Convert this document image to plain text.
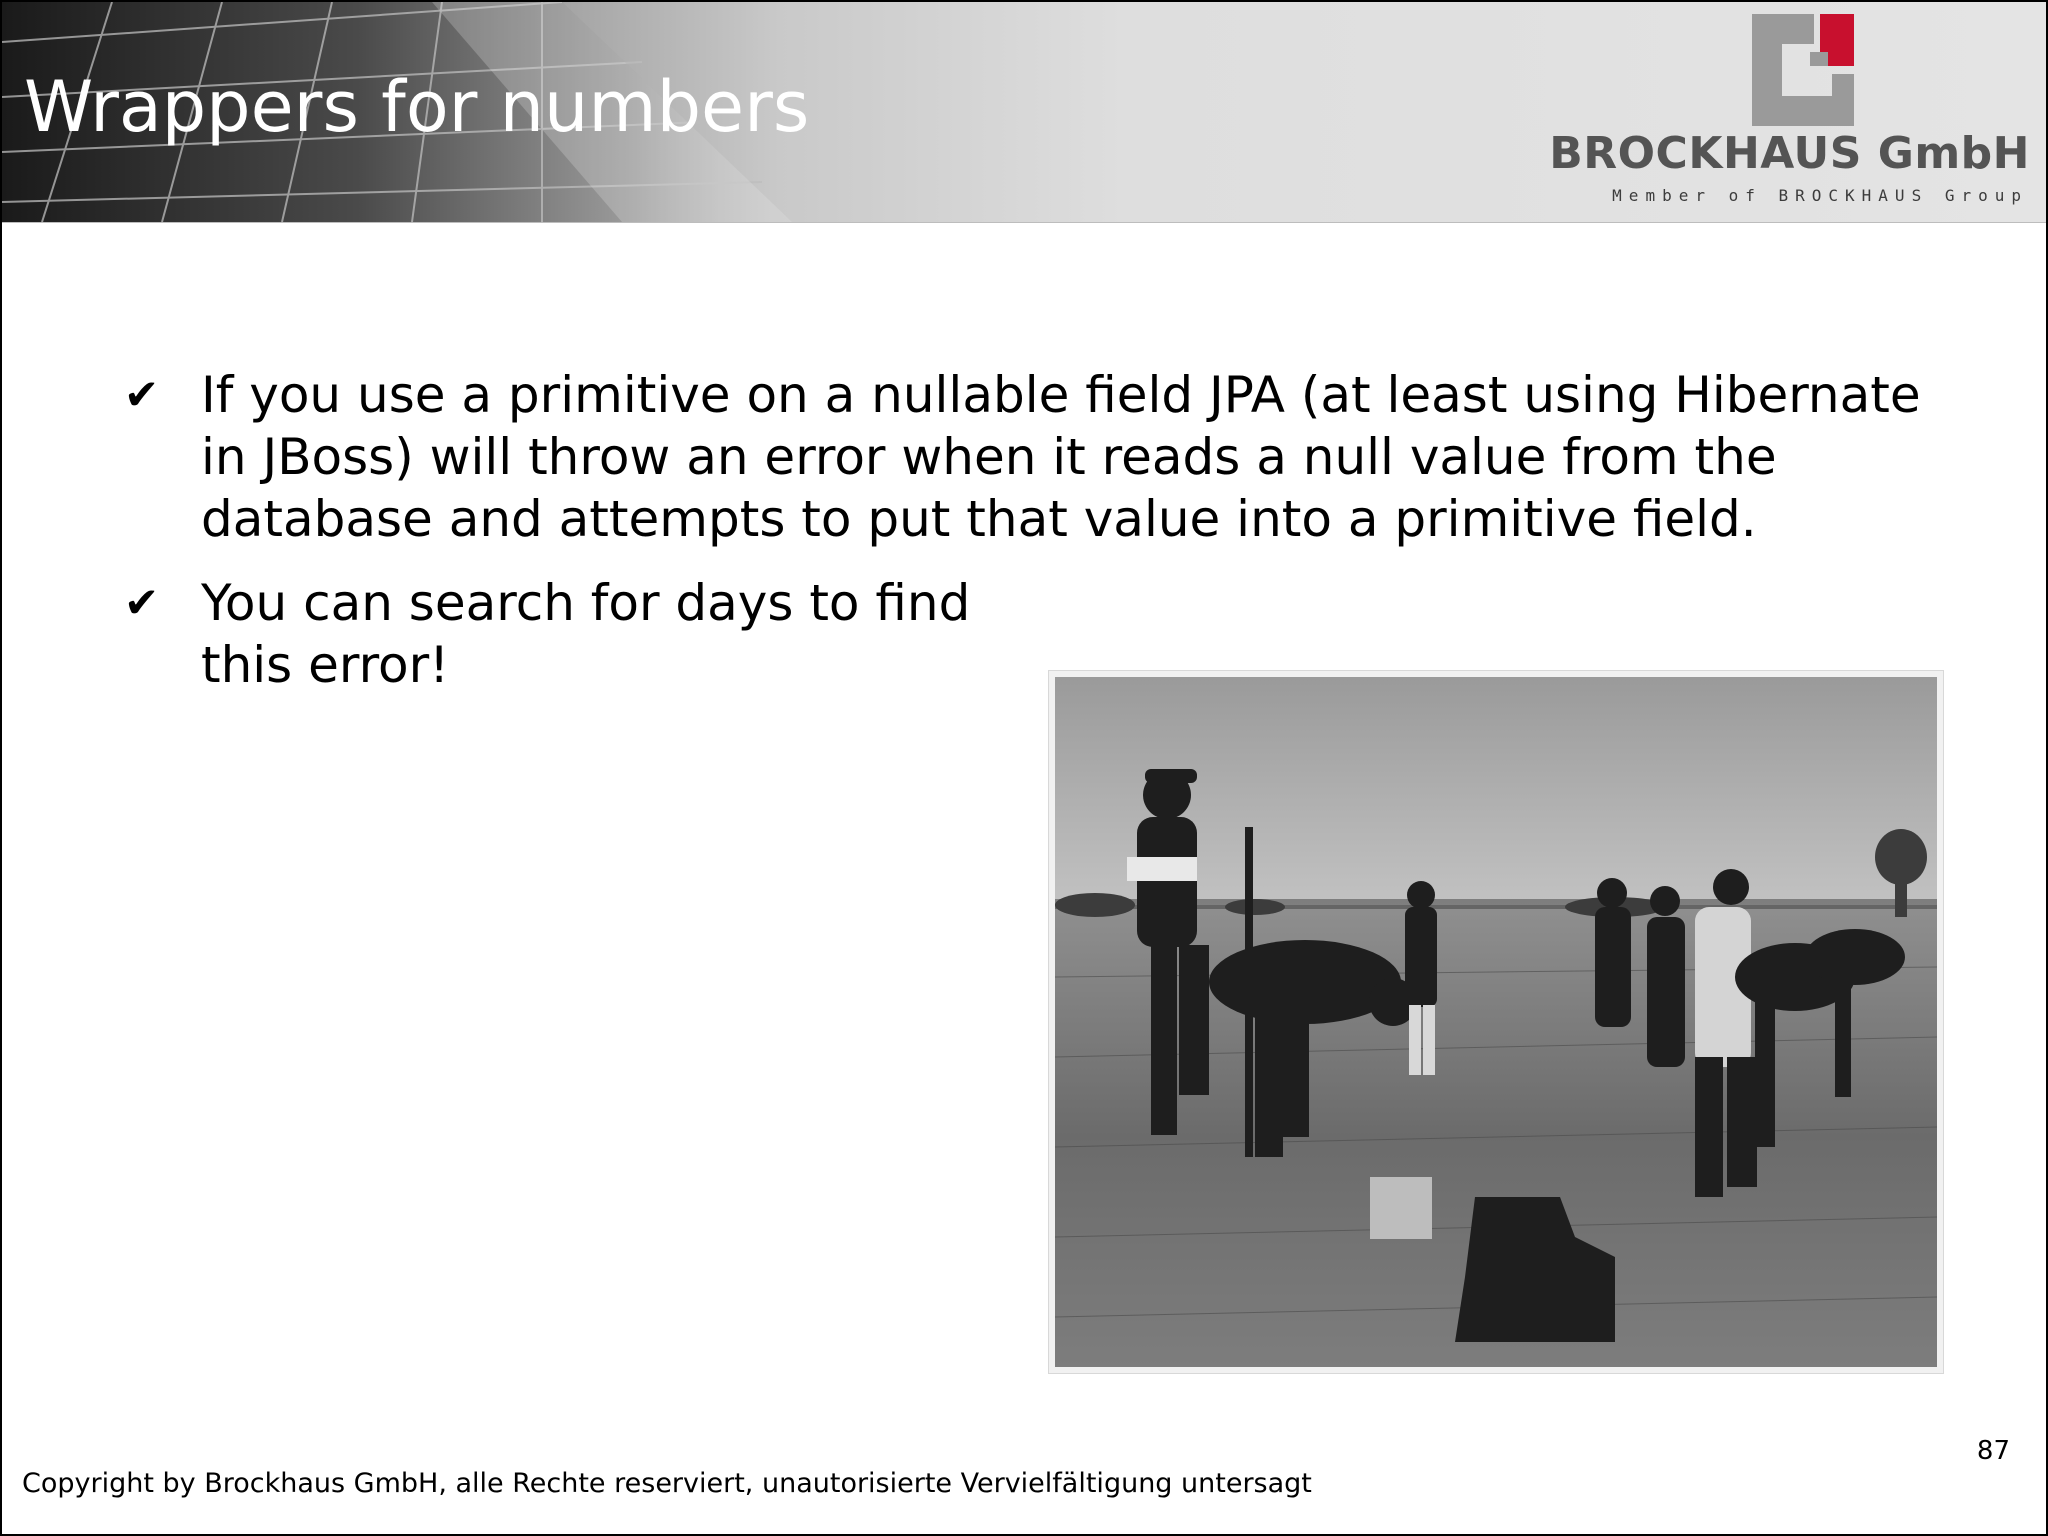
Wrappers for numbers
BROCKHAUS GmbH
Member of BROCKHAUS Group
✔ If you use a primitive on a nullable field JPA (at least using Hibernate in JBoss) will throw an error when it reads a null value from the database and attempts to put that value into a primitive field.
✔ You can search for days to find this error!
87
Copyright by Brockhaus GmbH, alle Rechte reserviert, unautorisierte Vervielfältigung untersagt
